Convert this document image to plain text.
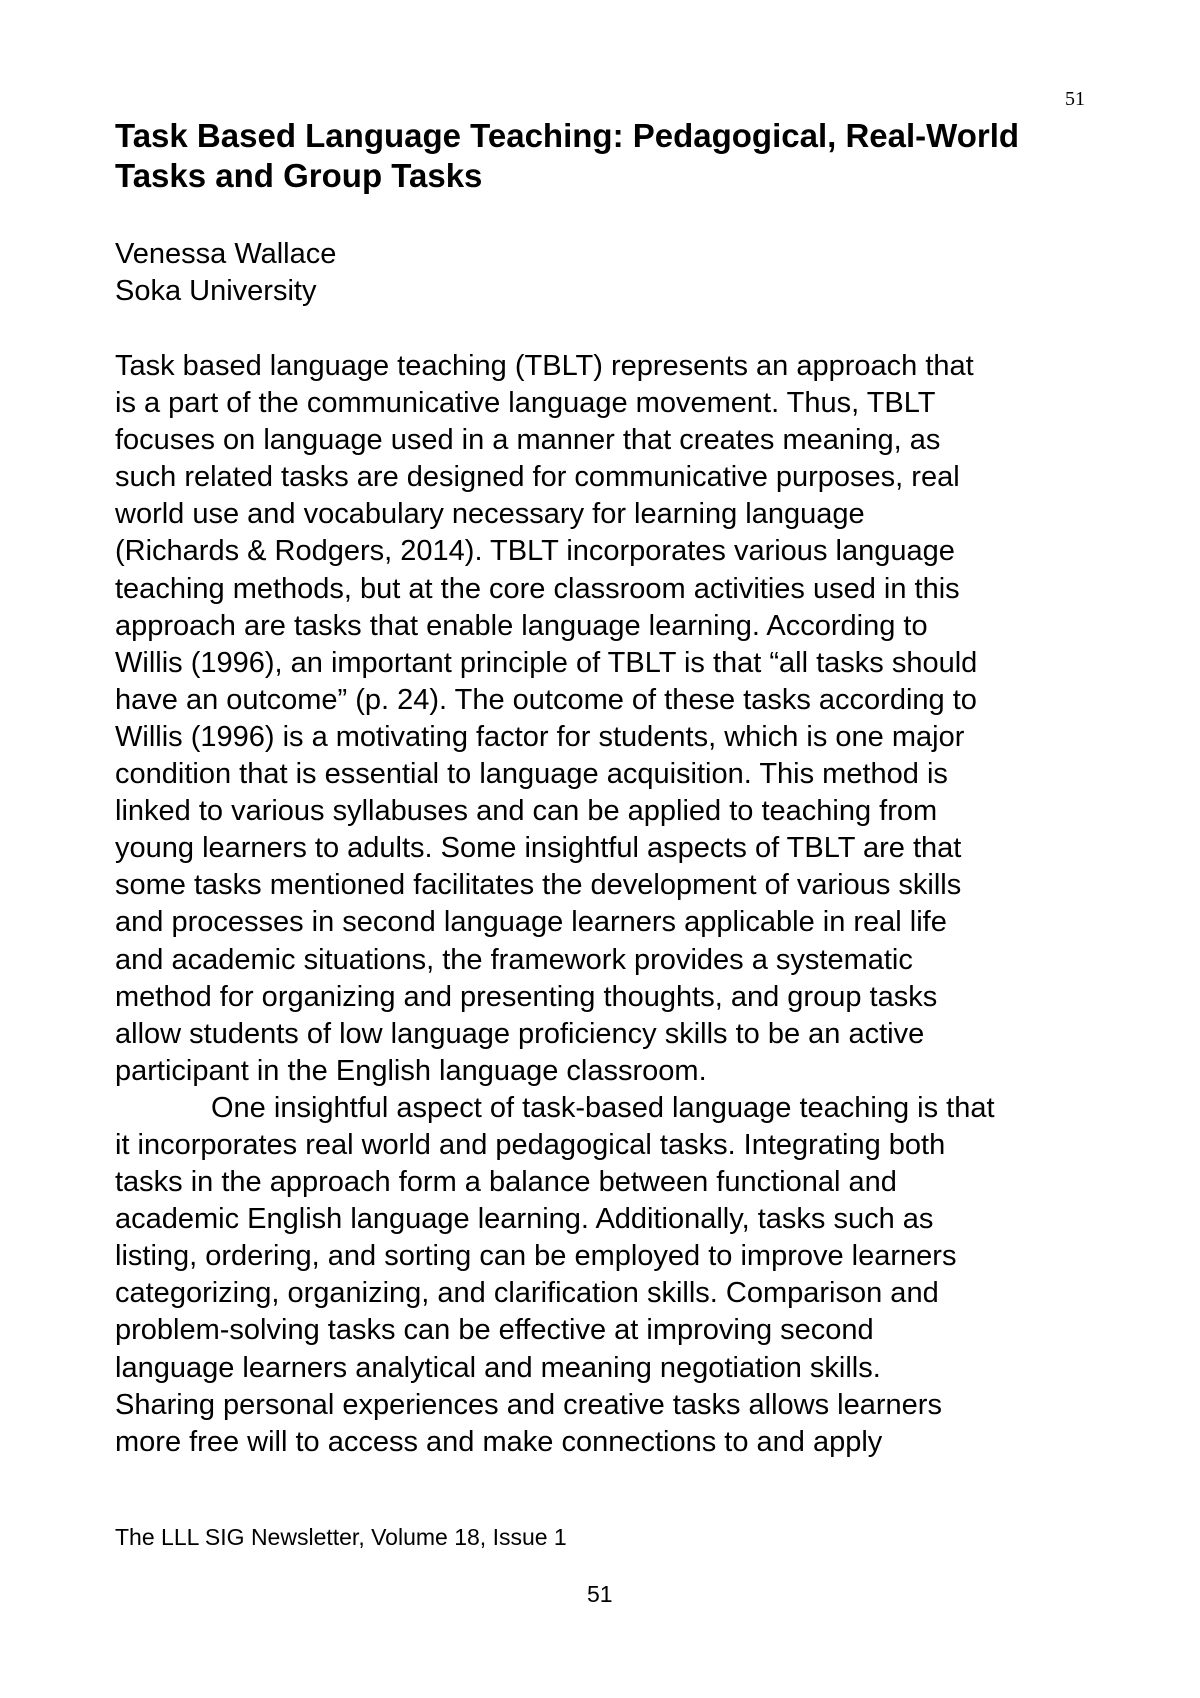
51
Task Based Language Teaching: Pedagogical, Real-World Tasks and Group Tasks
Venessa Wallace
Soka University
Task based language teaching (TBLT) represents an approach that
is a part of the communicative language movement. Thus, TBLT
focuses on language used in a manner that creates meaning, as
such related tasks are designed for communicative purposes, real
world use and vocabulary necessary for learning language
(Richards & Rodgers, 2014). TBLT incorporates various language
teaching methods, but at the core classroom activities used in this
approach are tasks that enable language learning. According to
Willis (1996), an important principle of TBLT is that “all tasks should
have an outcome” (p. 24). The outcome of these tasks according to
Willis (1996) is a motivating factor for students, which is one major
condition that is essential to language acquisition. This method is
linked to various syllabuses and can be applied to teaching from
young learners to adults. Some insightful aspects of TBLT are that
some tasks mentioned facilitates the development of various skills
and processes in second language learners applicable in real life
and academic situations, the framework provides a systematic
method for organizing and presenting thoughts, and group tasks
allow students of low language proficiency skills to be an active
participant in the English language classroom.
One insightful aspect of task-based language teaching is that
it incorporates real world and pedagogical tasks. Integrating both
tasks in the approach form a balance between functional and
academic English language learning. Additionally, tasks such as
listing, ordering, and sorting can be employed to improve learners
categorizing, organizing, and clarification skills. Comparison and
problem-solving tasks can be effective at improving second
language learners analytical and meaning negotiation skills.
Sharing personal experiences and creative tasks allows learners
more free will to access and make connections to and apply
The LLL SIG Newsletter, Volume 18, Issue 1
51
